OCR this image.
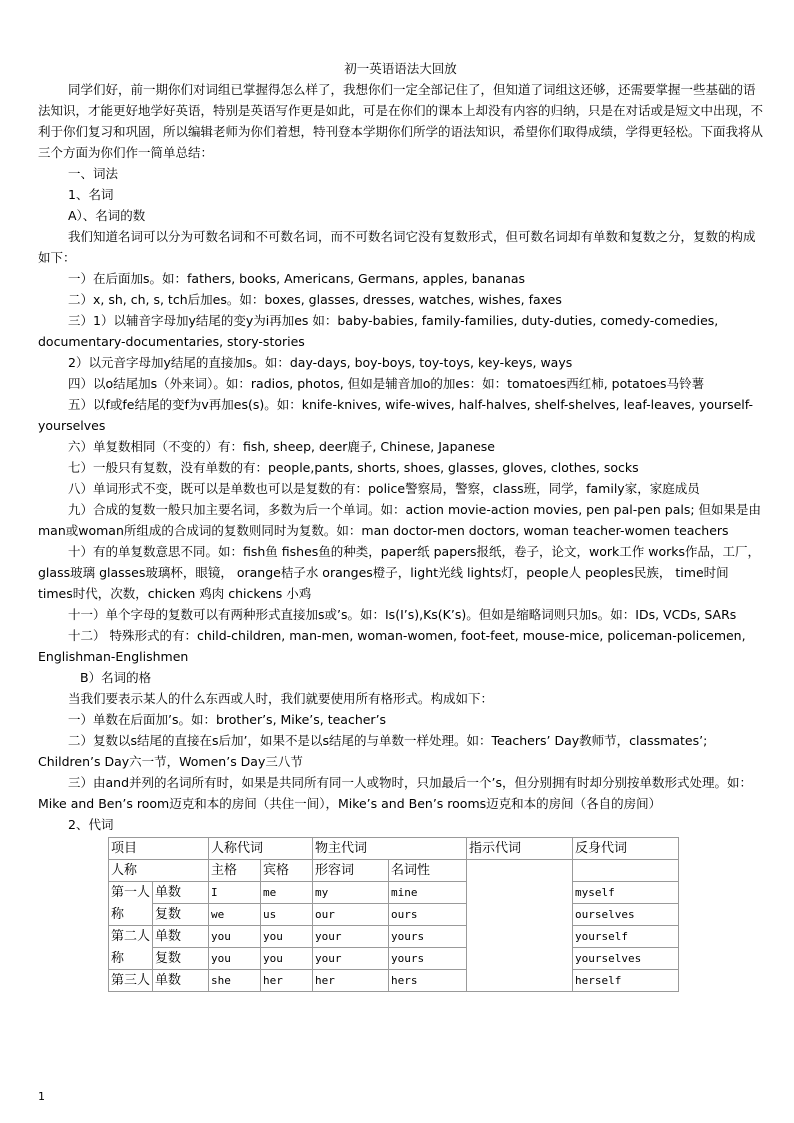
初一英语语法大回放

同学们好，前一期你们对词组已掌握得怎么样了，我想你们一定全部记住了，但知道了词组这还够，还需要掌握一些基础的语法知识，才能更好地学好英语，特别是英语写作更是如此，可是在你们的课本上却没有内容的归纳，只是在对话或是短文中出现，不利于你们复习和巩固，所以编辑老师为你们着想，特刊登本学期你们所学的语法知识，希望你们取得成绩，学得更轻松。下面我将从三个方面为你们作一简单总结：

一、词法

1、名词

A）、名词的数

我们知道名词可以分为可数名词和不可数名词，而不可数名词它没有复数形式，但可数名词却有单数和复数之分，复数的构成如下：

一）在后面加s。如：fathers, books, Americans, Germans, apples, bananas

二）x, sh, ch, s, tch后加es。如：boxes, glasses, dresses, watches, wishes, faxes

三）1）以辅音字母加y结尾的变y为i再加es 如：baby-babies, family-families, duty-duties, comedy-comedies, documentary-documentaries, story-stories

2）以元音字母加y结尾的直接加s。如：day-days, boy-boys, toy-toys, key-keys, ways

四）以o结尾加s（外来词）。如：radios, photos, 但如是辅音加o的加es：如：tomatoes西红柿, potatoes马铃薯

五）以f或fe结尾的变f为v再加es(s)。如：knife-knives, wife-wives, half-halves, shelf-shelves, leaf-leaves, yourself-yourselves

六）单复数相同（不变的）有：fish, sheep, deer鹿子, Chinese, Japanese

七）一般只有复数，没有单数的有：people,pants, shorts, shoes, glasses, gloves, clothes, socks

八）单词形式不变，既可以是单数也可以是复数的有：police警察局，警察，class班，同学，family家，家庭成员

九）合成的复数一般只加主要名词，多数为后一个单词。如：action movie-action movies, pen pal-pen pals; 但如果是由man或woman所组成的合成词的复数则同时为复数。如：man doctor-men doctors, woman teacher-women teachers

十）有的单复数意思不同。如：fish鱼 fishes鱼的种类，paper纸 papers报纸，卷子，论文，work工作 works作品，工厂，glass玻璃 glasses玻璃杯，眼镜， orange桔子水 oranges橙子，light光线 lights灯，people人 peoples民族， time时间 times时代，次数，chicken 鸡肉 chickens 小鸡

十一）单个字母的复数可以有两种形式直接加s或’s。如：Is(I’s),Ks(K’s)。但如是缩略词则只加s。如：IDs, VCDs, SARs

十二） 特殊形式的有：child-children, man-men, woman-women, foot-feet, mouse-mice, policeman-policemen, Englishman-Englishmen

B）名词的格

当我们要表示某人的什么东西或人时，我们就要使用所有格形式。构成如下：

一）单数在后面加’s。如：brother’s, Mike’s, teacher’s

二）复数以s结尾的直接在s后加’，如果不是以s结尾的与单数一样处理。如：Teachers’ Day教师节，classmates’; Children’s Day六一节，Women’s Day三八节

三）由and并列的名词所有时，如果是共同所有同一人或物时，只加最后一个’s，但分别拥有时却分别按单数形式处理。如：Mike and Ben’s room迈克和本的房间（共住一间），Mike’s and Ben’s rooms迈克和本的房间（各自的房间）

2、代词

项目		人称代词		物主代词		指示代词	反身代词
人称		主格	宾格	形容词	名词性		
第一人	单数	I	me	my	mine		myself
称	复数	we	us	our	ours		ourselves
第二人	单数	you	you	your	yours		yourself
称	复数	you	you	your	yours		yourselves
第三人	单数	she	her	her	hers		herself
1
